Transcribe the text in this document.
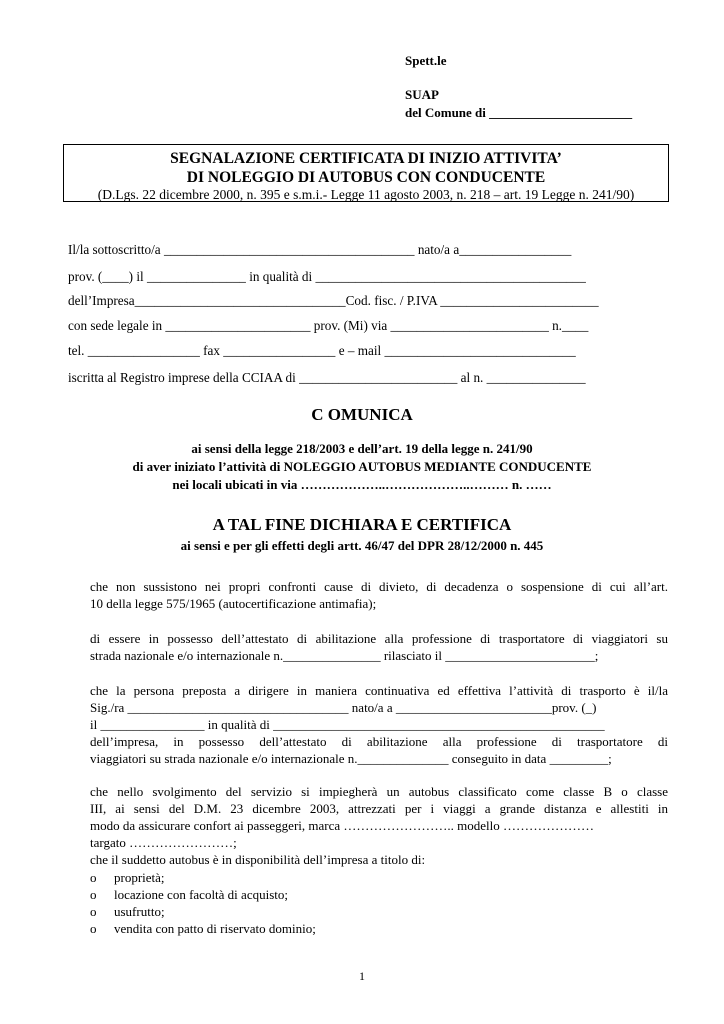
Spett.le
SUAP
del Comune di ______________________
SEGNALAZIONE CERTIFICATA DI INIZIO ATTIVITA’
DI NOLEGGIO DI AUTOBUS CON CONDUCENTE
(D.Lgs. 22 dicembre 2000, n. 395 e s.m.i.- Legge 11 agosto 2003, n. 218 – art. 19 Legge n. 241/90)
Il/la sottoscritto/a ______________________________________ nato/a a_________________
prov. (____) il _______________ in qualità di _________________________________________
dell’Impresa________________________________Cod. fisc. / P.IVA ________________________
con sede legale in ______________________ prov. (Mi) via ________________________ n.____
tel. _________________ fax _________________ e – mail _____________________________
iscritta al Registro imprese della CCIAA di ________________________ al n. _______________
C OMUNICA
ai sensi della legge 218/2003 e dell’art. 19 della legge n. 241/90
di aver iniziato l’attività di NOLEGGIO AUTOBUS MEDIANTE CONDUCENTE
nei locali ubicati in via ………………..………………..……… n. ……
A TAL FINE DICHIARA E CERTIFICA
ai sensi e per gli effetti degli artt. 46/47 del DPR 28/12/2000 n. 445
che non sussistono nei propri confronti cause di divieto, di decadenza o sospensione di cui all’art.
10 della legge 575/1965 (autocertificazione antimafia);
di essere in possesso dell’attestato di abilitazione alla professione di trasportatore di viaggiatori su
strada nazionale e/o internazionale n._______________ rilasciato il _______________________;
che la persona preposta a dirigere in maniera continuativa ed effettiva l’attività di trasporto è il/la
Sig./ra __________________________________ nato/a a ________________________prov. (_)
il ________________ in qualità di ___________________________________________________
dell’impresa, in possesso dell’attestato di abilitazione alla professione di trasportatore di
viaggiatori su strada nazionale e/o internazionale n.______________ conseguito in data _________;
che nello svolgimento del servizio si impiegherà un autobus classificato come classe B o classe
III, ai sensi del D.M. 23 dicembre 2003, attrezzati per i viaggi a grande distanza e allestiti in
modo da assicurare confort ai passeggeri, marca …………………….. modello …………………
targato ……………………;
che il suddetto autobus è in disponibilità dell’impresa a titolo di:
o proprietà;
o locazione con facoltà di acquisto;
o usufrutto;
o vendita con patto di riservato dominio;
1
